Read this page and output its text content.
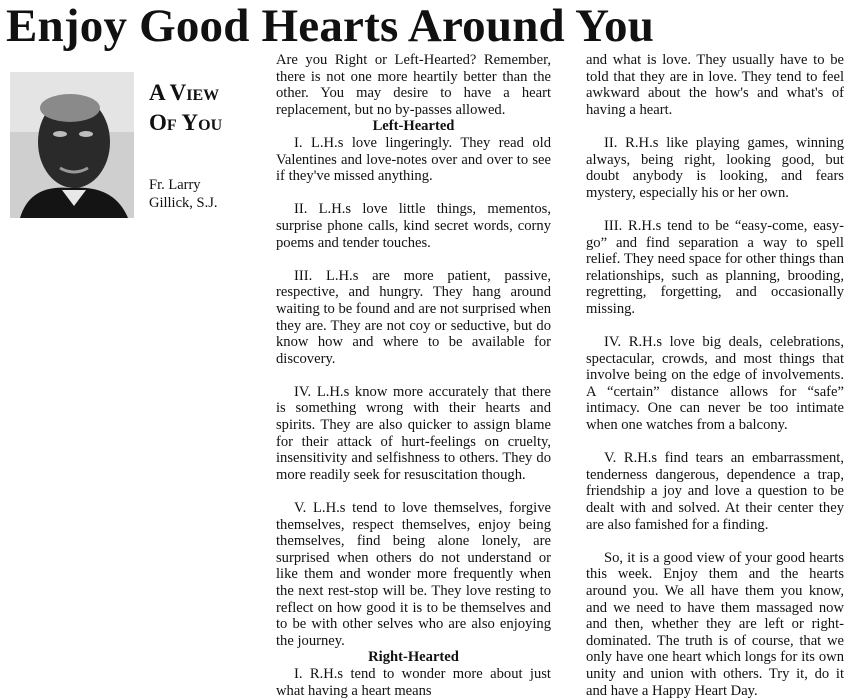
Enjoy Good Hearts Around You
A View
Of You
Fr. Larry
Gillick, S.J.

Are you Right or Left-Hearted? Remember, there is not one more heartily better than the other. You may desire to have a heart replacement, but no by-passes allowed.

Left-Hearted

I. L.H.s love lingeringly. They read old Valentines and love-notes over and over to see if they've missed anything.

II. L.H.s love little things, mementos, surprise phone calls, kind secret words, corny poems and tender touches.

III. L.H.s are more patient, passive, respective, and hungry. They hang around waiting to be found and are not surprised when they are. They are not coy or seductive, but do know how and where to be available for discovery.

IV. L.H.s know more accurately that there is something wrong with their hearts and spirits. They are also quicker to assign blame for their attack of hurt-feelings on cruelty, insensitivity and selfishness to others. They do more readily seek for resuscitation though.

V. L.H.s tend to love themselves, forgive themselves, respect themselves, enjoy being themselves, find being alone lonely, are surprised when others do not understand or like them and wonder more frequently when the next rest-stop will be. They love resting to reflect on how good it is to be themselves and to be with other selves who are also enjoying the journey.

Right-Hearted

I. R.H.s tend to wonder more about just what having a heart means

and what is love. They usually have to be told that they are in love. They tend to feel awkward about the how's and what's of having a heart.

II. R.H.s like playing games, winning always, being right, looking good, but doubt anybody is looking, and fears mystery, especially his or her own.

III. R.H.s tend to be “easy-come, easy-go” and find separation a way to spell relief. They need space for other things than relationships, such as planning, brooding, regretting, forgetting, and occasionally missing.

IV. R.H.s love big deals, celebrations, spectacular, crowds, and most things that involve being on the edge of involvements. A “certain” distance allows for “safe” intimacy. One can never be too intimate when one watches from a balcony.

V. R.H.s find tears an embarrassment, tenderness dangerous, dependence a trap, friendship a joy and love a question to be dealt with and solved. At their center they are also famished for a finding.

So, it is a good view of your good hearts this week. Enjoy them and the hearts around you. We all have them you know, and we need to have them massaged now and then, whether they are left or right-dominated. The truth is of course, that we only have one heart which longs for its own unity and union with others. Try it, do it and have a Happy Heart Day.
